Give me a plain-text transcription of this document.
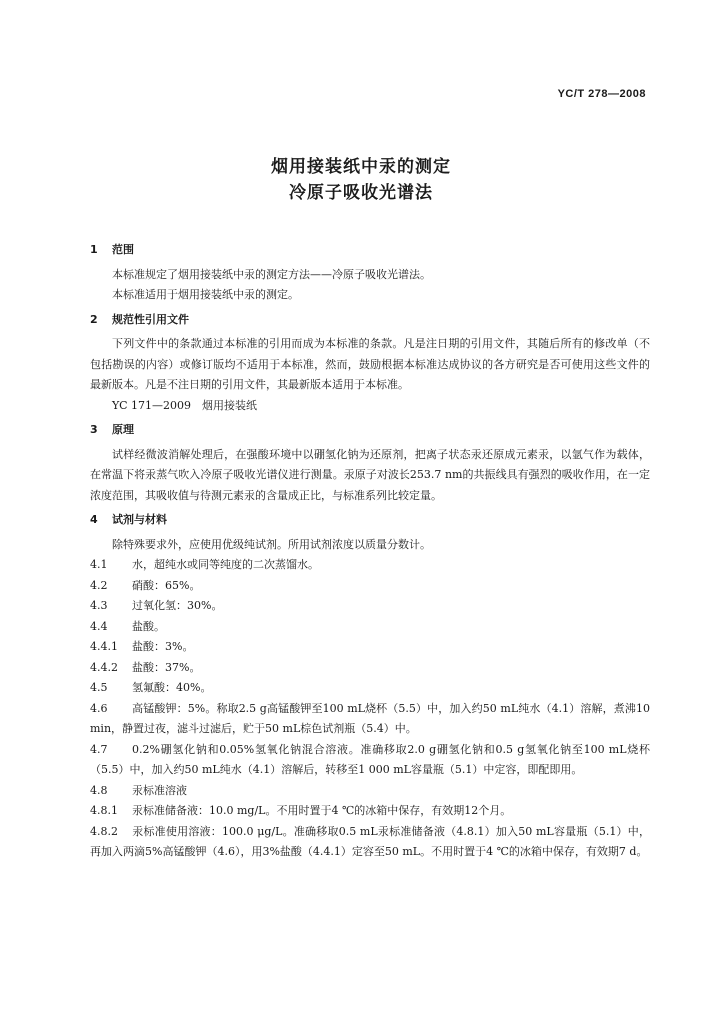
YC/T 278—2008
烟用接装纸中汞的测定
冷原子吸收光谱法
1 范围

本标准规定了烟用接装纸中汞的测定方法——冷原子吸收光谱法。

本标准适用于烟用接装纸中汞的测定。

2 规范性引用文件

下列文件中的条款通过本标准的引用而成为本标准的条款。凡是注日期的引用文件，其随后所有的修改单（不包括勘误的内容）或修订版均不适用于本标准，然而，鼓励根据本标准达成协议的各方研究是否可使用这些文件的最新版本。凡是不注日期的引用文件，其最新版本适用于本标准。

YC 171—2009　烟用接装纸

3 原理

试样经微波消解处理后，在强酸环境中以硼氢化钠为还原剂，把离子状态汞还原成元素汞，以氩气作为载体，在常温下将汞蒸气吹入冷原子吸收光谱仪进行测量。汞原子对波长253.7 nm的共振线具有强烈的吸收作用，在一定浓度范围，其吸收值与待测元素汞的含量成正比，与标准系列比较定量。

4 试剂与材料

除特殊要求外，应使用优级纯试剂。所用试剂浓度以质量分数计。

4.1 水，超纯水或同等纯度的二次蒸馏水。

4.2 硝酸：65%。

4.3 过氧化氢：30%。

4.4 盐酸。

4.4.1 盐酸：3%。

4.4.2 盐酸：37%。

4.5 氢氟酸：40%。

4.6 高锰酸钾：5%。称取2.5 g高锰酸钾至100 mL烧杯（5.5）中，加入约50 mL纯水（4.1）溶解，煮沸10 min，静置过夜，滤斗过滤后，贮于50 mL棕色试剂瓶（5.4）中。

4.7 0.2%硼氢化钠和0.05%氢氧化钠混合溶液。准确移取2.0 g硼氢化钠和0.5 g氢氧化钠至100 mL烧杯（5.5）中，加入约50 mL纯水（4.1）溶解后，转移至1 000 mL容量瓶（5.1）中定容，即配即用。

4.8 汞标准溶液

4.8.1 汞标准储备液：10.0 mg/L。不用时置于4 ℃的冰箱中保存，有效期12个月。

4.8.2 汞标准使用溶液：100.0 μg/L。准确移取0.5 mL汞标准储备液（4.8.1）加入50 mL容量瓶（5.1）中，再加入两滴5%高锰酸钾（4.6），用3%盐酸（4.4.1）定容至50 mL。不用时置于4 ℃的冰箱中保存，有效期7 d。
